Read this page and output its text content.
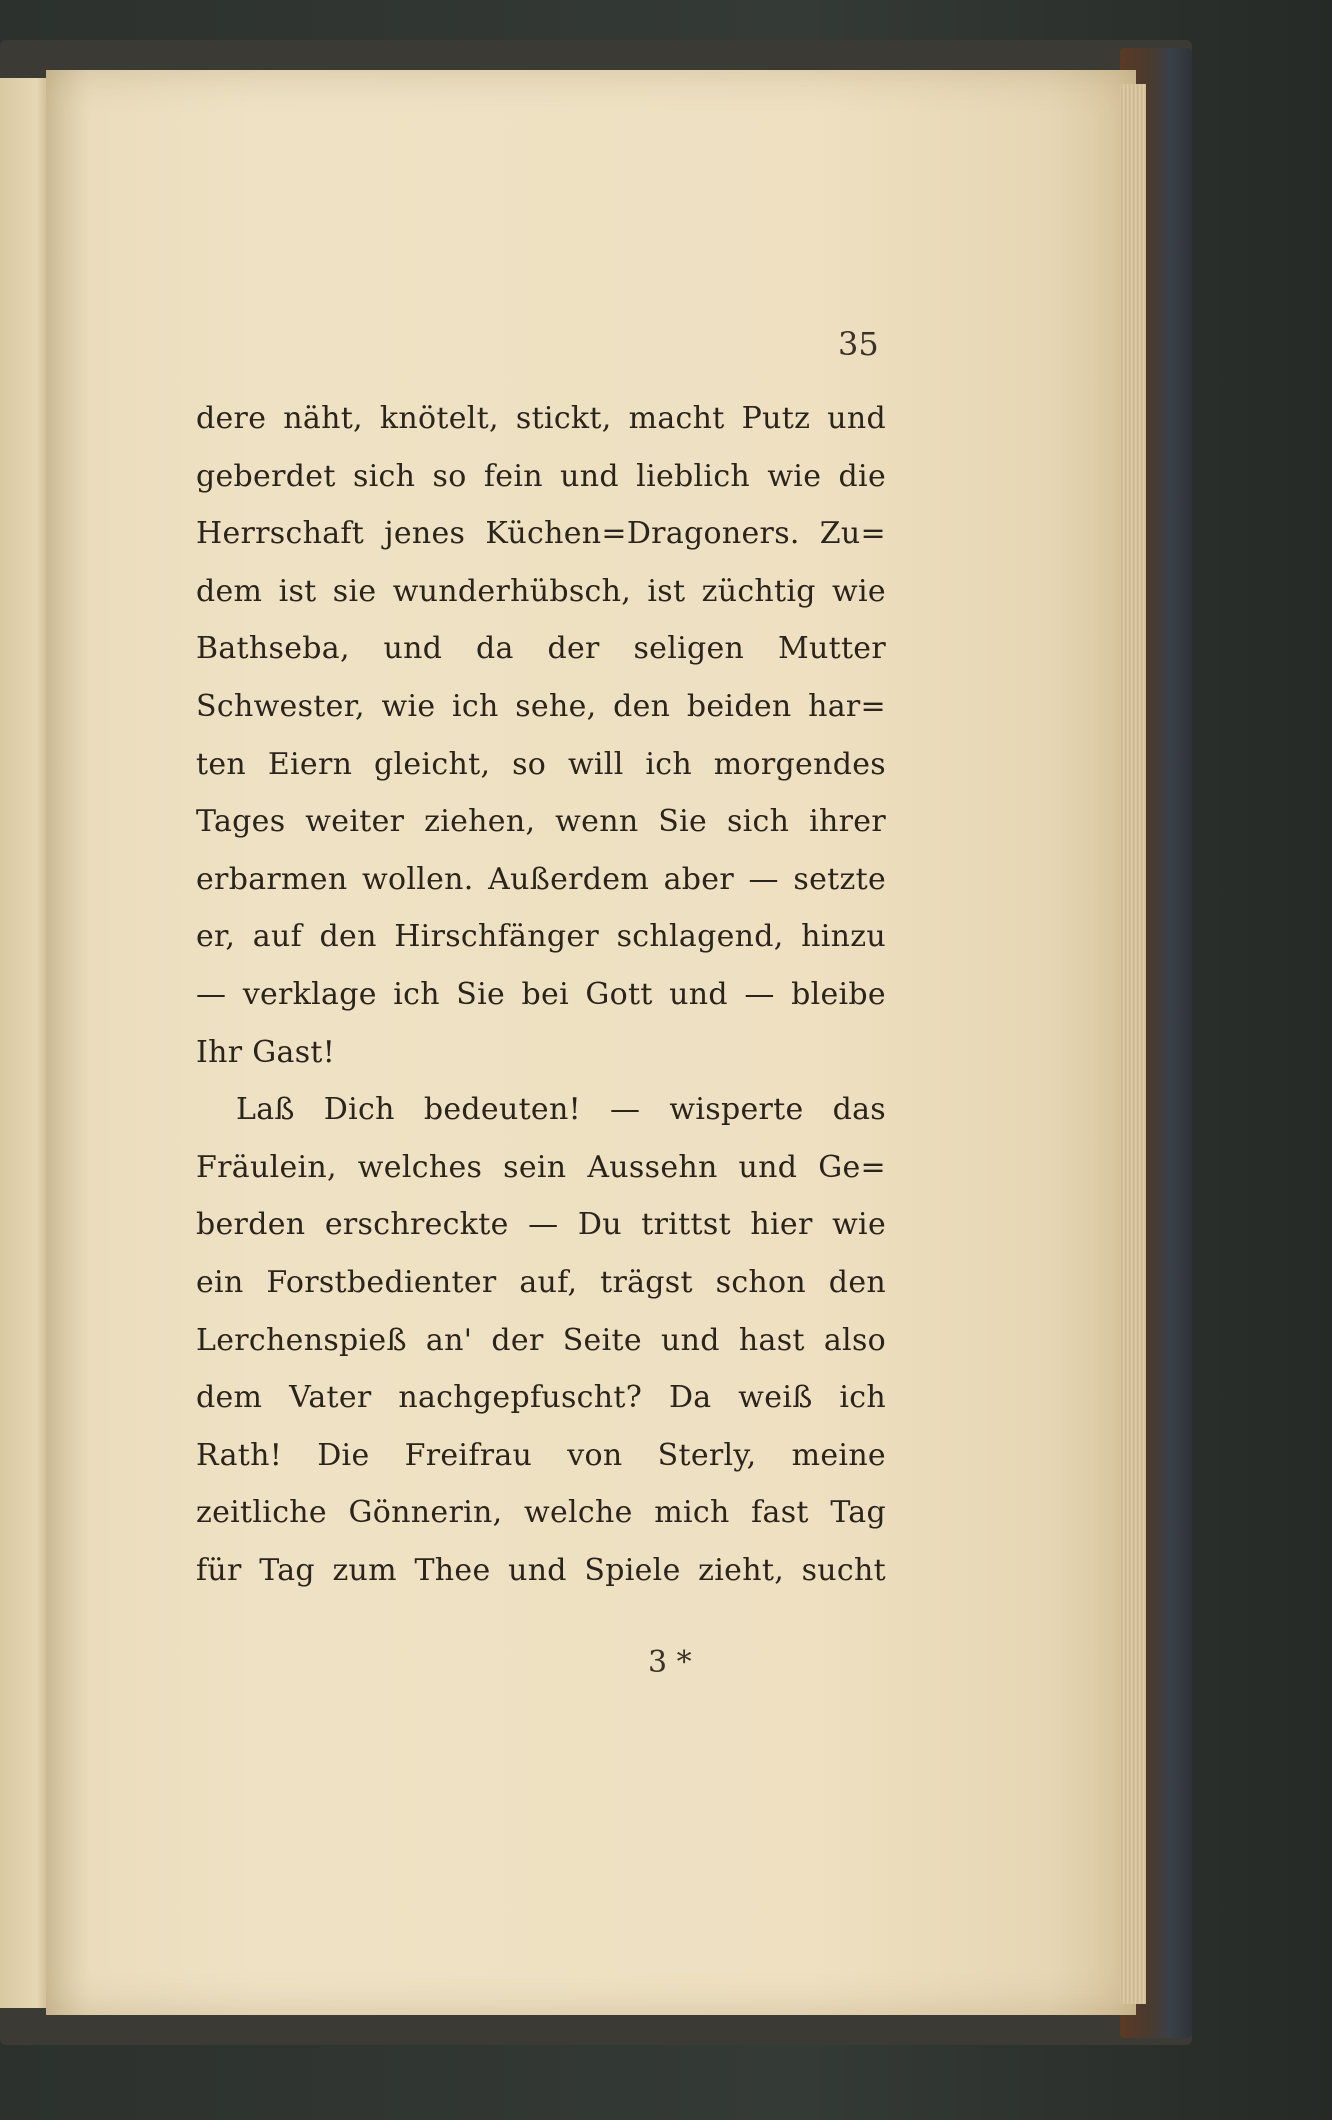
35
dere näht, knötelt, stickt, macht Putz und
geberdet sich so fein und lieblich wie die
Herrschaft jenes Küchen=Dragoners. Zu=
dem ist sie wunderhübsch, ist züchtig wie
Bathseba, und da der seligen Mutter
Schwester, wie ich sehe, den beiden har=
ten Eiern gleicht, so will ich morgendes
Tages weiter ziehen, wenn Sie sich ihrer
erbarmen wollen. Außerdem aber — setzte
er, auf den Hirschfänger schlagend, hinzu
— verklage ich Sie bei Gott und — bleibe
Ihr Gast!
Laß Dich bedeuten! — wisperte das
Fräulein, welches sein Aussehn und Ge=
berden erschreckte — Du trittst hier wie
ein Forstbedienter auf, trägst schon den
Lerchenspieß an' der Seite und hast also
dem Vater nachgepfuscht? Da weiß ich
Rath! Die Freifrau von Sterly, meine
zeitliche Gönnerin, welche mich fast Tag
für Tag zum Thee und Spiele zieht, sucht
3 *
